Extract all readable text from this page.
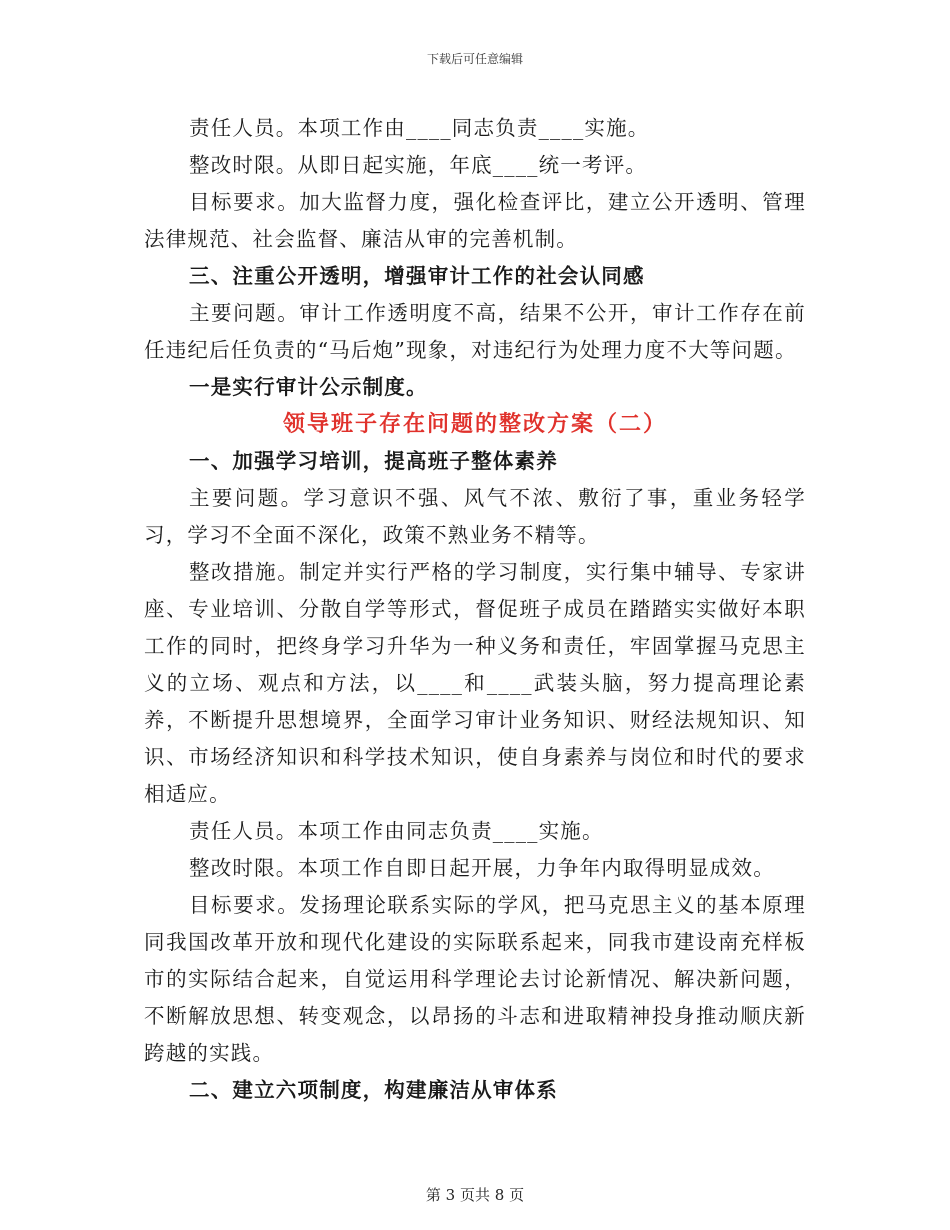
下载后可任意编辑

责任人员。本项工作由____同志负责____实施。

整改时限。从即日起实施，年底____统一考评。

目标要求。加大监督力度，强化检查评比，建立公开透明、管理法律规范、社会监督、廉洁从审的完善机制。

三、注重公开透明，增强审计工作的社会认同感

主要问题。审计工作透明度不高，结果不公开，审计工作存在前任违纪后任负责的“马后炮”现象，对违纪行为处理力度不大等问题。

一是实行审计公示制度。

领导班子存在问题的整改方案（二）

一、加强学习培训，提高班子整体素养

主要问题。学习意识不强、风气不浓、敷衍了事，重业务轻学习，学习不全面不深化，政策不熟业务不精等。

整改措施。制定并实行严格的学习制度，实行集中辅导、专家讲座、专业培训、分散自学等形式，督促班子成员在踏踏实实做好本职工作的同时，把终身学习升华为一种义务和责任，牢固掌握马克思主义的立场、观点和方法，以____和____武装头脑，努力提高理论素养，不断提升思想境界，全面学习审计业务知识、财经法规知识、知识、市场经济知识和科学技术知识，使自身素养与岗位和时代的要求相适应。

责任人员。本项工作由同志负责____实施。

整改时限。本项工作自即日起开展，力争年内取得明显成效。

目标要求。发扬理论联系实际的学风，把马克思主义的基本原理同我国改革开放和现代化建设的实际联系起来，同我市建设南充样板市的实际结合起来，自觉运用科学理论去讨论新情况、解决新问题，不断解放思想、转变观念，以昂扬的斗志和进取精神投身推动顺庆新跨越的实践。

二、建立六项制度，构建廉洁从审体系

第 3 页共 8 页
